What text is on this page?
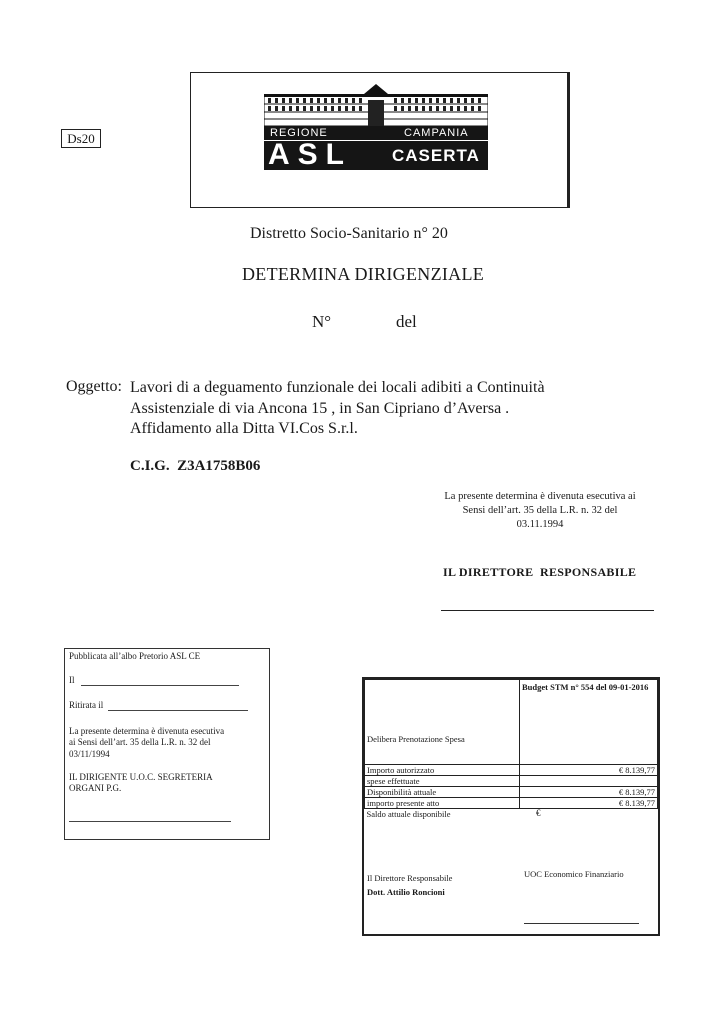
Ds20	REGIONE	CAMPANIA
ASL CASERTA
Distretto Socio-Sanitario n° 20
DETERMINA DIRIGENZIALE
N°	del
Oggetto: Lavori di a deguamento funzionale dei locali adibiti a Continuità
Assistenziale di via Ancona 15 , in San Cipriano d’Aversa .
Affidamento alla Ditta VI.Cos S.r.l.
C.I.G.  Z3A1758B06
La presente determina è divenuta esecutiva ai
Sensi dell’art. 35 della L.R. n. 32 del
03.11.1994
IL DIRETTORE  RESPONSABILE
Pubblicata all’albo Pretorio ASL CE
Il
Ritirata il
La presente determina è divenuta esecutiva
ai Sensi dell’art. 35 della L.R. n. 32 del
03/11/1994
IL DIRIGENTE U.O.C. SEGRETERIA
ORGANI P.G.
Delibera Prenotazione Spesa	Budget STM n° 554 del 09-01-2016
Importo autorizzato	€ 8.139,77
spese effettuate	
Disponibilità attuale	€ 8.139,77
importo presente atto	€ 8.139,77
Saldo attuale disponibile		€
Il Direttore Responsabile
Dott. Attilio Roncioni
UOC Economico Finanziario
